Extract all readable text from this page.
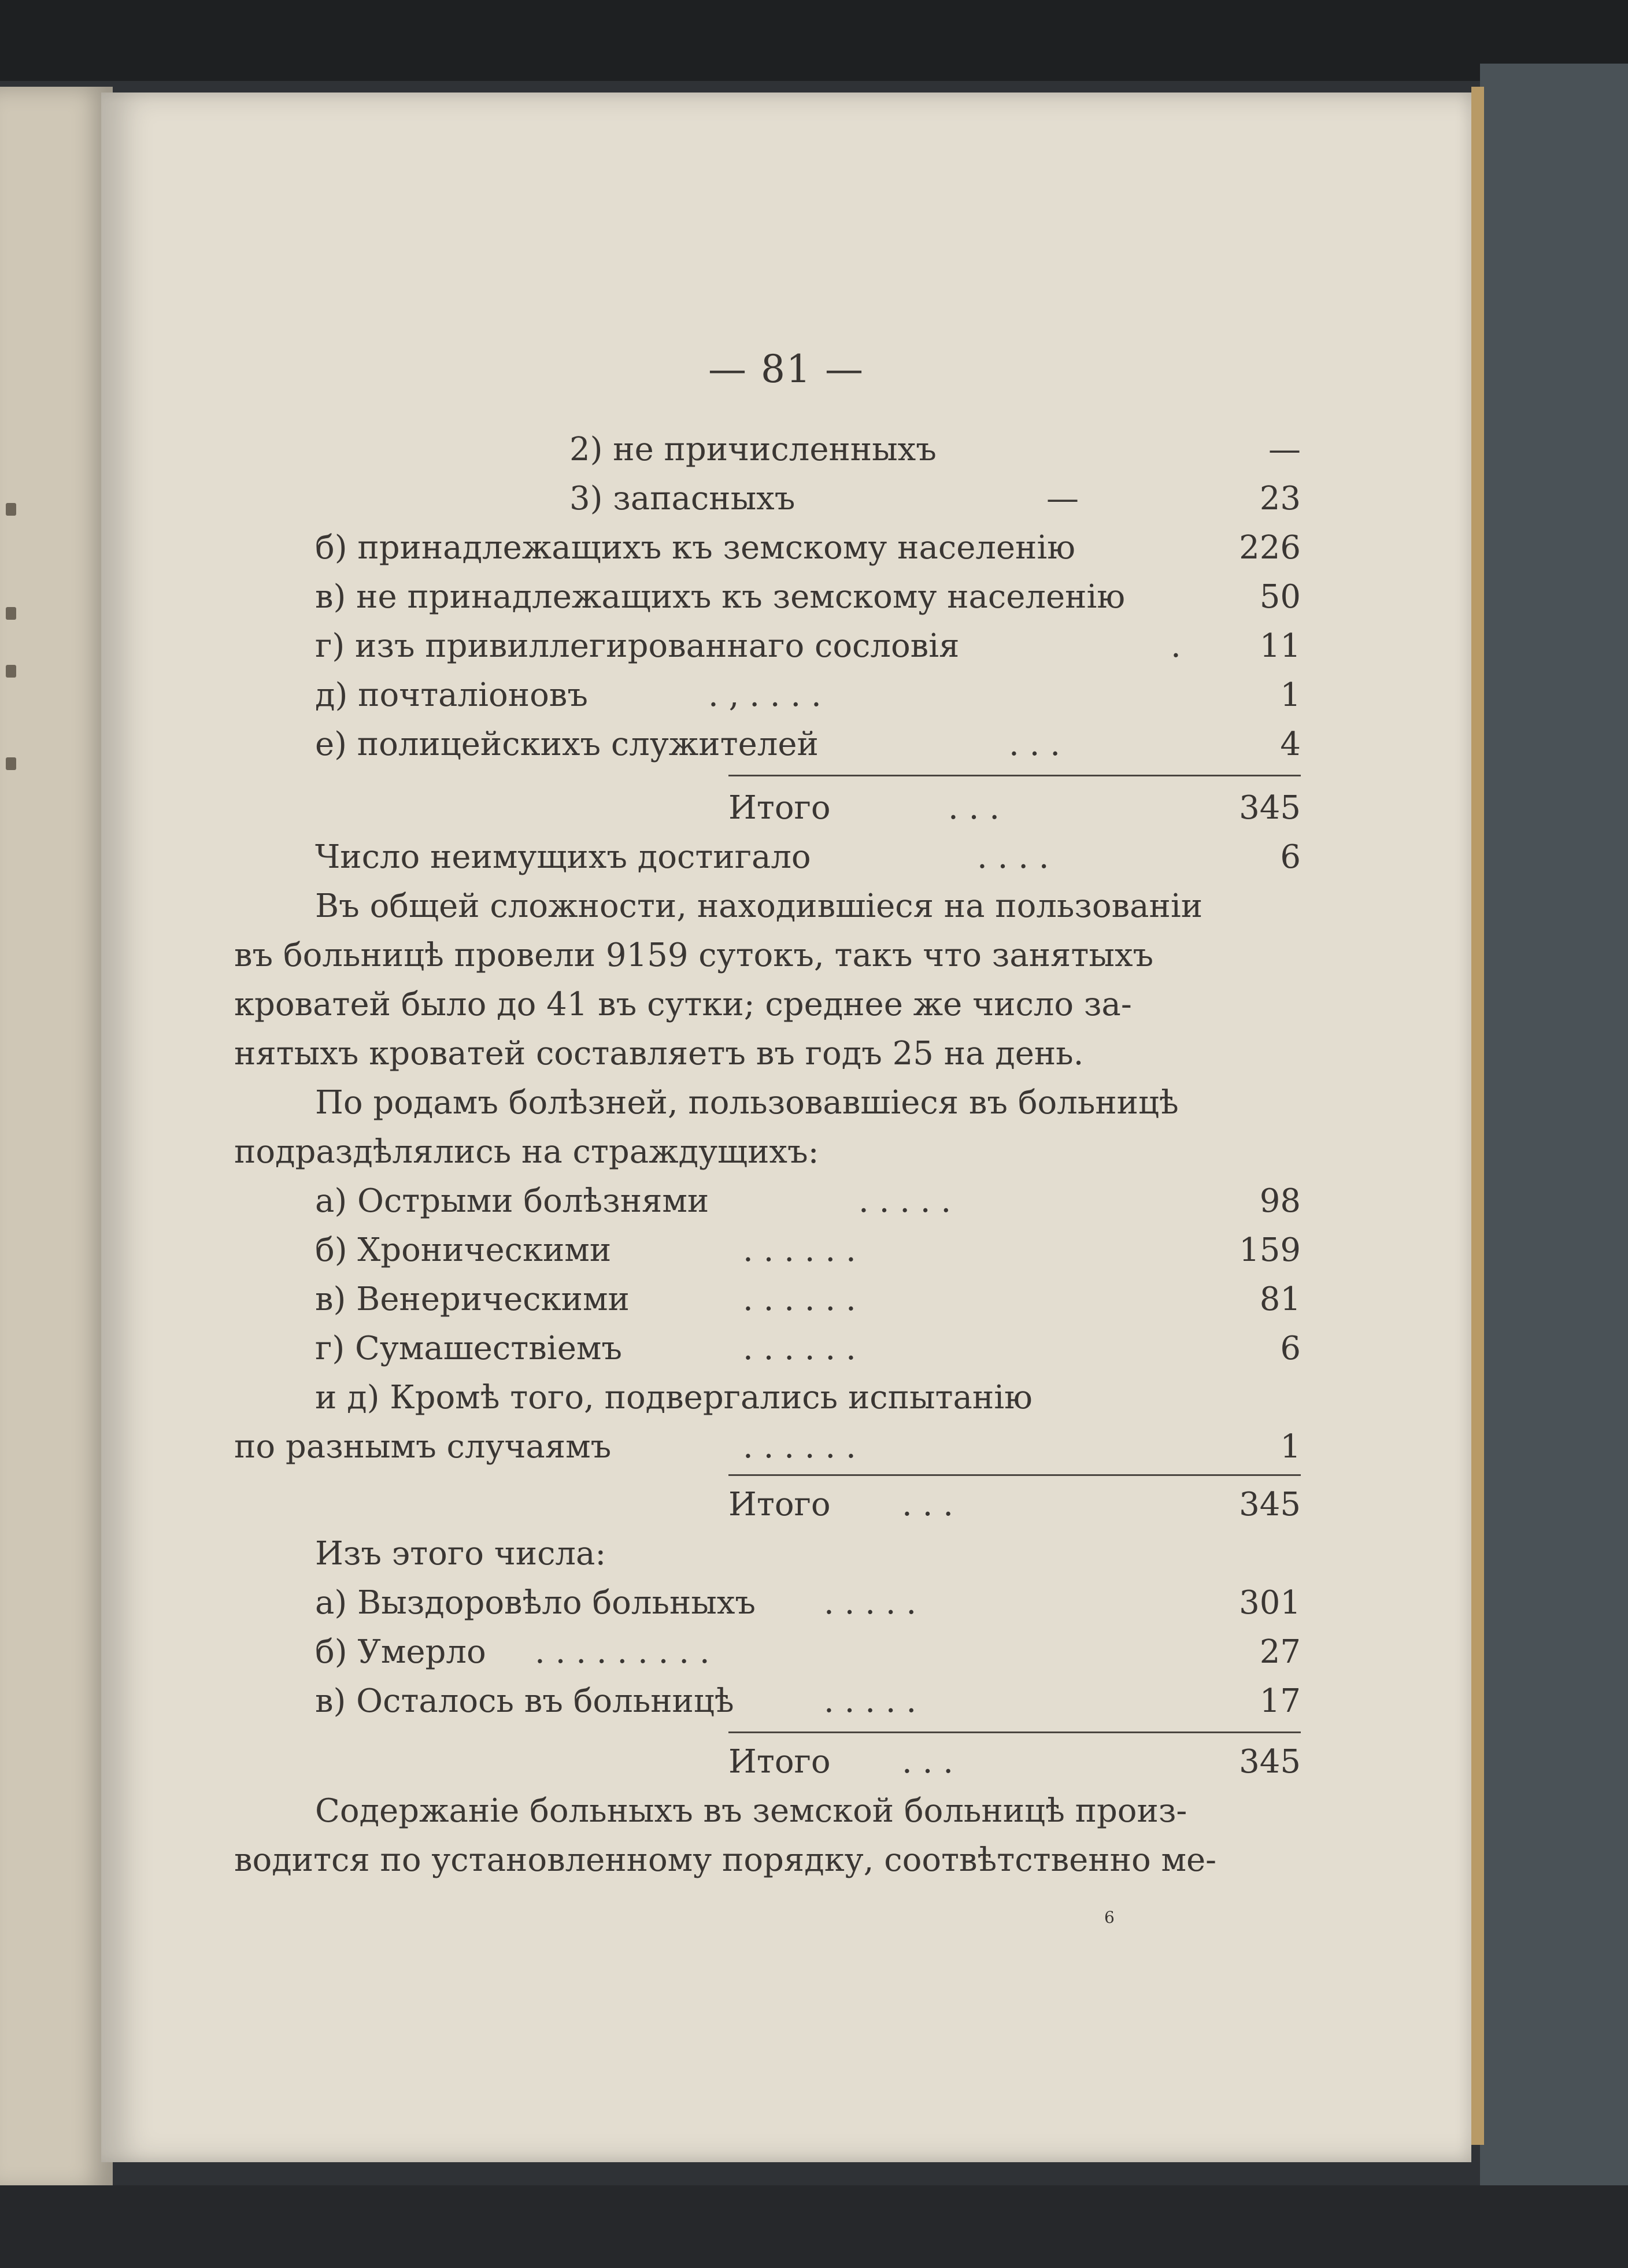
— 81 —
2) не причисленныхъ	—
3) запасныхъ	—	23
б) принадлежащихъ къ земскому населенію	226
в) не принадлежащихъ къ земскому населенію	50
г) изъ привиллегированнаго сословія	. 11
д) почталіоновъ	. , . . . .	1
е) полицейскихъ служителей	. . .	4
Итого	. . .	345
Число неимущихъ достигало	. . . .	6
Въ общей сложности, находившіеся на пользованіи
въ больницѣ провели 9159 сутокъ, такъ что занятыхъ
кроватей было до 41 въ сутки; среднее же число за-
нятыхъ кроватей составляетъ въ годъ 25 на день.
По родамъ болѣзней, пользовавшіеся въ больницѣ
подраздѣлялись на страждущихъ:
а) Острыми болѣзнями	. . . . .	98
б) Хроническими	. . . . . .	159
в) Венерическими	. . . . . .	81
г) Сумашествіемъ	. . . . . .	6
и д) Кромѣ того, подвергались испытанію
по разнымъ случаямъ	. . . . . .	1
Итого . . .	345
Изъ этого числа:
а) Выздоровѣло больныхъ . . . . .	301
б) Умерло . . . . . . . . .	27
в) Осталось въ больницѣ	. . . . .	17
Итого . . .	345
Содержаніе больныхъ въ земской больницѣ произ-
водится по установленному порядку, соотвѣтственно ме-
6
